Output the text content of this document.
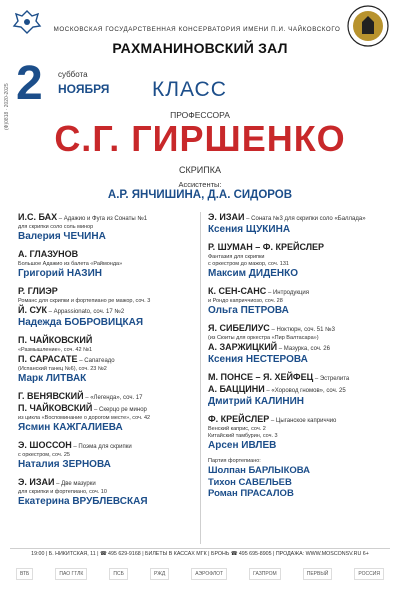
МОСКОВСКАЯ ГОСУДАРСТВЕННАЯ КОНСЕРВАТОРИЯ ИМЕНИ П.И. ЧАЙКОВСКОГО
РАХМАНИНОВСКИЙ ЗАЛ
(Ф)0818 · 2020-2025 2 суббота
НОЯБРЯ КЛАСС
ПРОФЕССОРА
С.Г. ГИРШЕНКО
СКРИПКА
Ассистенты:
А.Р. ЯНЧИШИНА, Д.А. СИДОРОВ
И.С. БАХ – Адажио и Фуга из Сонаты №1
для скрипки соло соль минор
Валерия ЧЕЧИНА
А. ГЛАЗУНОВ
Большое Адажио из балета «Раймонда»
Григорий НАЗИН
Р. ГЛИЭР
Романс для скрипки и фортепиано ре мажор, соч. 3
Й. СУК – Appassionato, соч. 17 №2
Надежда БОБРОВИЦКАЯ
П. ЧАЙКОВСКИЙ
«Размышление», соч. 42 №1
П. САРАСАТЕ – Сапатеадо
(Испанский танец №6), соч. 23 №2
Марк ЛИТВАК
Г. ВЕНЯВСКИЙ – «Легенда», соч. 17
П. ЧАЙКОВСКИЙ – Скерцо ре минор
из цикла «Воспоминание о дорогом месте», соч. 42
Ясмин КАЖГАЛИЕВА
Э. ШОССОН – Поэма для скрипки
с оркестром, соч. 25
Наталия ЗЕРНОВА
Э. ИЗАИ – Две мазурки
для скрипки и фортепиано, соч. 10
Екатерина ВРУБЛЕВСКАЯ
Э. ИЗАИ – Соната №3 для скрипки соло «Баллада»
Ксения ЩУКИНА
Р. ШУМАН – Ф. КРЕЙСЛЕР
Фантазия для скрипки
с оркестром до мажор, соч. 131
Максим ДИДЕНКО
К. СЕН-САНС – Интродукция
и Рондо каприччиозо, соч. 28
Ольга ПЕТРОВА
Я. СИБЕЛИУС – Ноктюрн, соч. 51 №3
(из Сюиты для оркестра «Пир Валтасара»)
А. ЗАРЖИЦКИЙ – Мазурка, соч. 26
Ксения НЕСТЕРОВА
М. ПОНСЕ – Я. ХЕЙФЕЦ – Эстрелита
А. БАЦЦИНИ – «Хоровод гномов», соч. 25
Дмитрий КАЛИНИН
Ф. КРЕЙСЛЕР – Цыганское каприччио
Венский каприс, соч. 2
Китайский тамбурин, соч. 3
Арсен ИВЛЕВ
Партия фортепиано:
Шолпан БАРЛЫКОВА
Тихон САВЕЛЬЕВ
Роман ПРАСАЛОВ
19:00 | Б. НИКИТСКАЯ, 11 | ☎ 495 629-9168 | БИЛЕТЫ В КАССАХ МГК | БРОНЬ ☎ 495 695-8905 | ПРОДАЖА: WWW.MOSCONSV.RU 6+
ВТБ	ПАО ГТЛК	ПСБ	РЖД	АЭРОФЛОТ	ГАЗПРОМ	ПЕРВЫЙ	РОССИЯ
